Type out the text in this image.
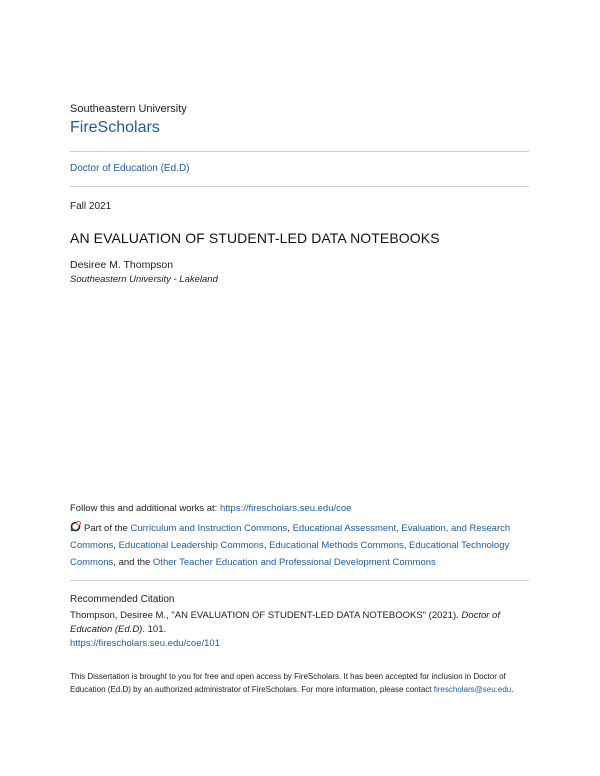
Southeastern University
FireScholars
Doctor of Education (Ed.D)
Fall 2021
AN EVALUATION OF STUDENT-LED DATA NOTEBOOKS
Desiree M. Thompson
Southeastern University - Lakeland
Follow this and additional works at: https://firescholars.seu.edu/coe
Part of the Curriculum and Instruction Commons, Educational Assessment, Evaluation, and Research Commons, Educational Leadership Commons, Educational Methods Commons, Educational Technology Commons, and the Other Teacher Education and Professional Development Commons
Recommended Citation
Thompson, Desiree M., "AN EVALUATION OF STUDENT-LED DATA NOTEBOOKS" (2021). Doctor of Education (Ed.D). 101.
https://firescholars.seu.edu/coe/101
This Dissertation is brought to you for free and open access by FireScholars. It has been accepted for inclusion in Doctor of Education (Ed.D) by an authorized administrator of FireScholars. For more information, please contact firescholars@seu.edu.
